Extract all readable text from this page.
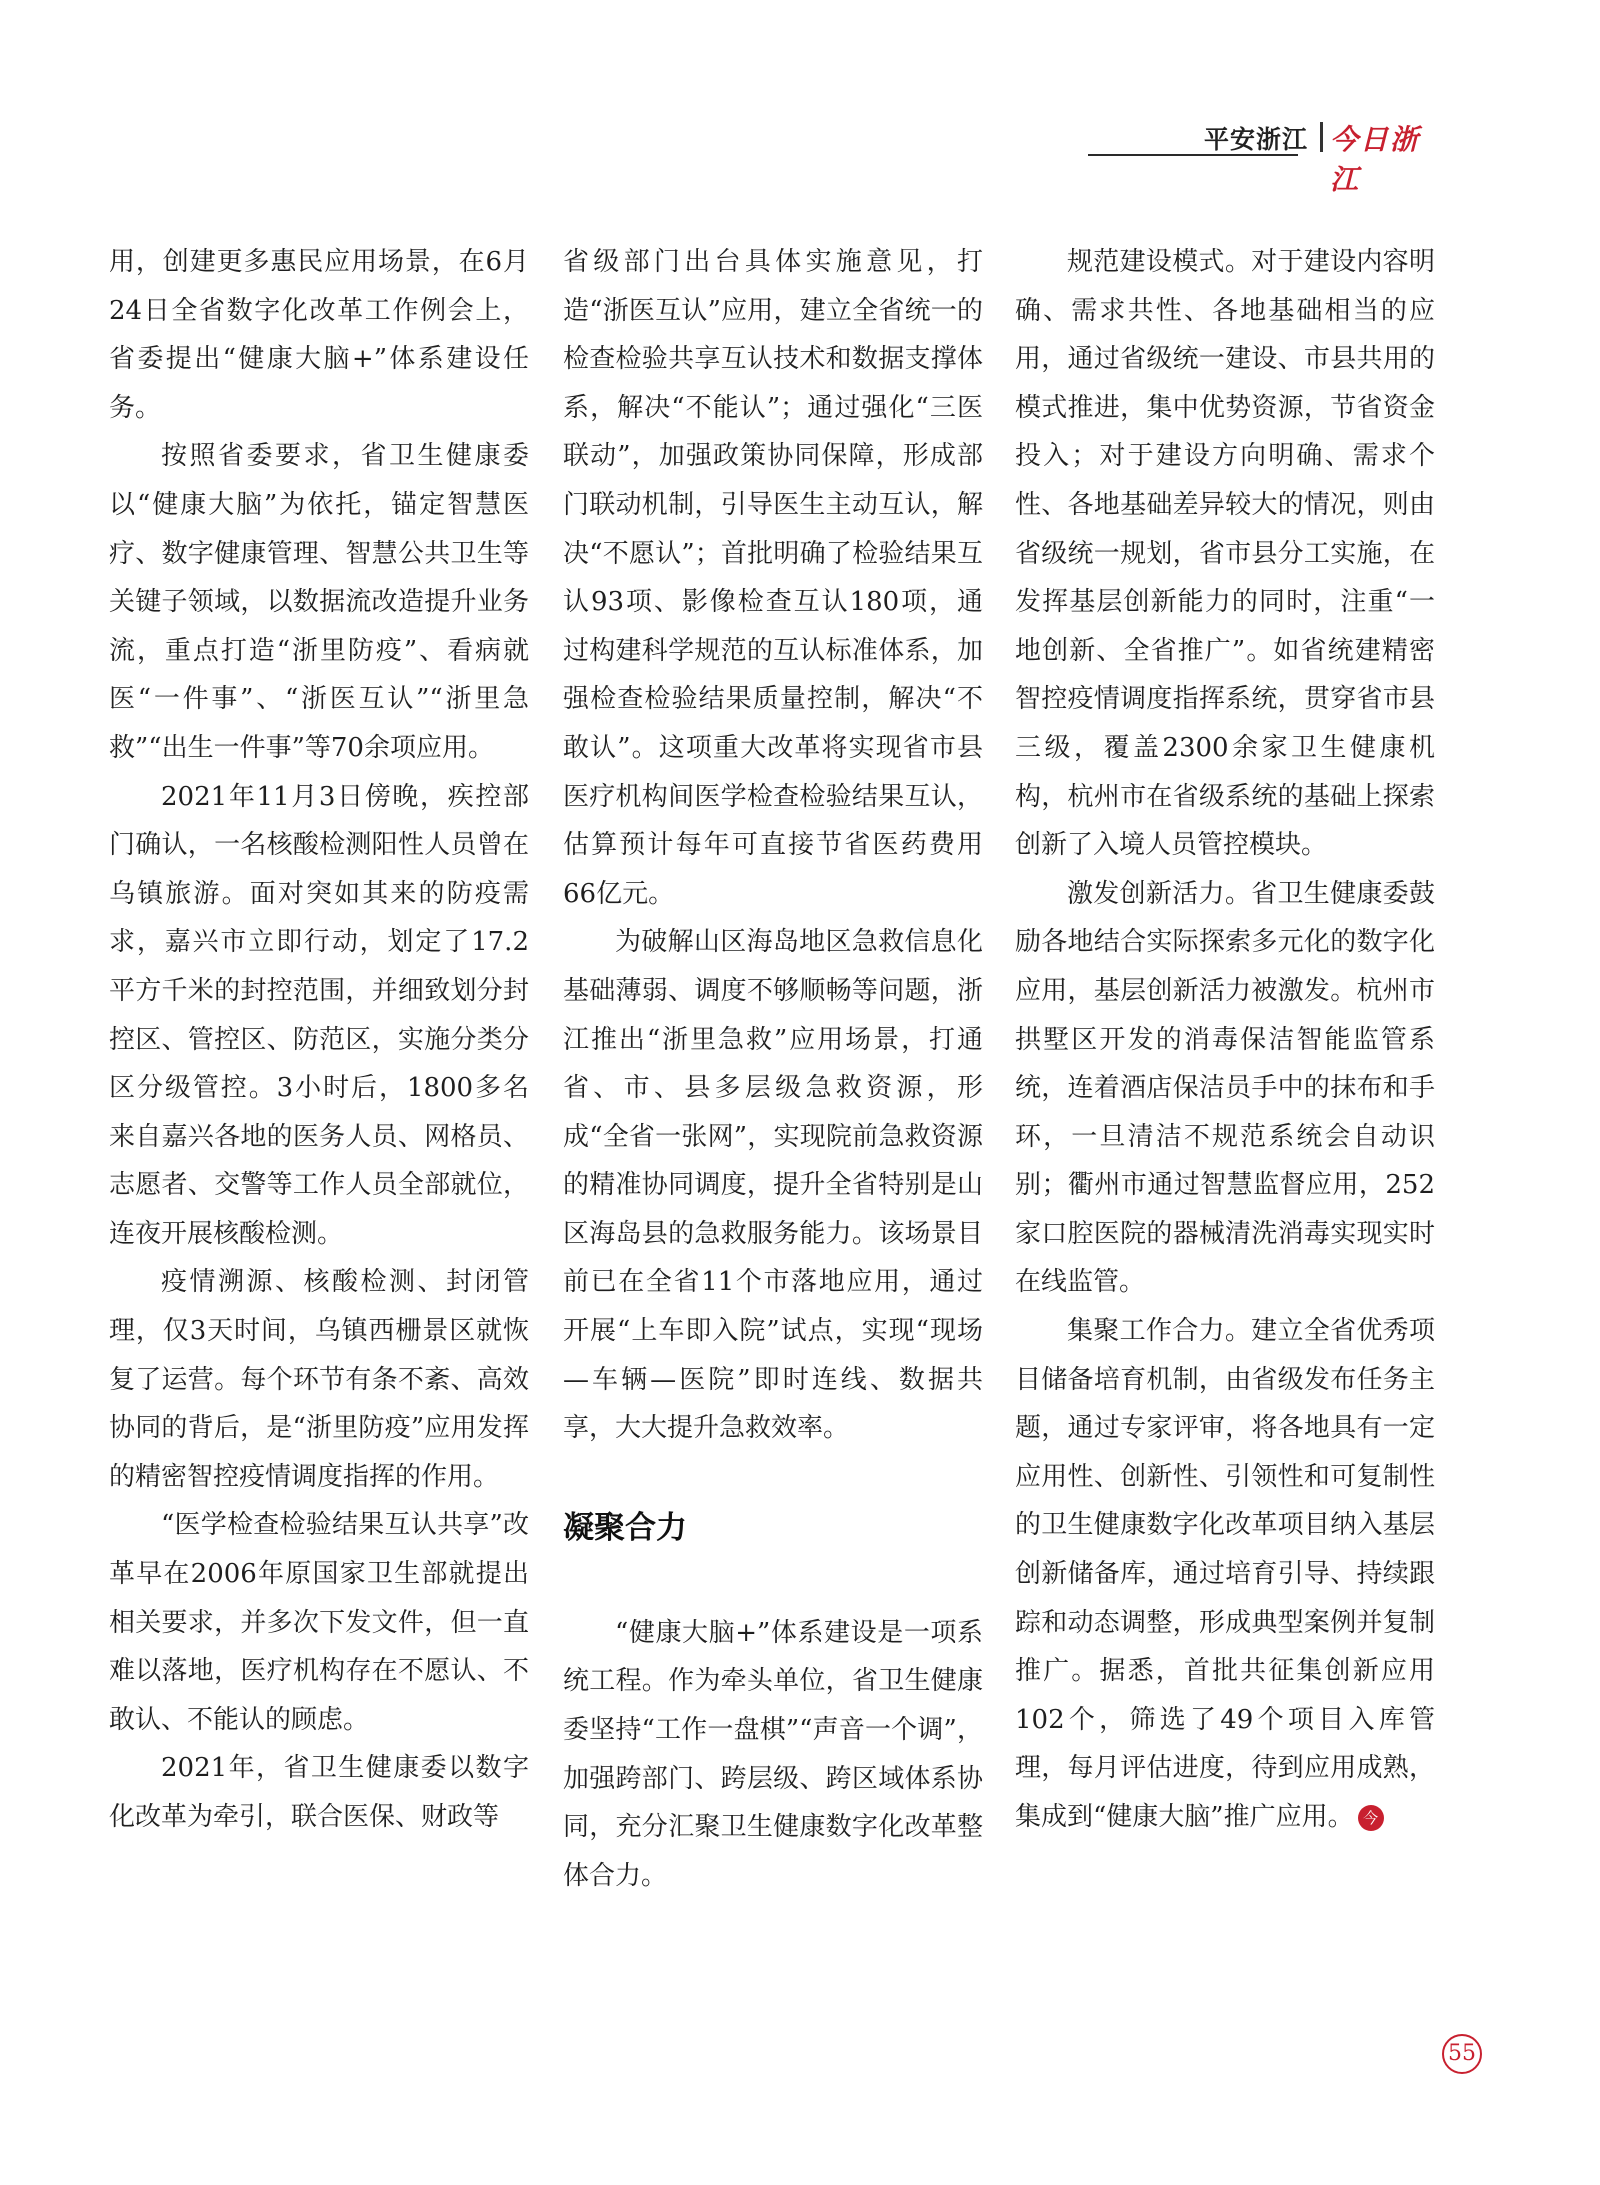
平安浙江 今日浙江

用，创建更多惠民应用场景，在6月24日全省数字化改革工作例会上，省委提出“健康大脑+”体系建设任务。

按照省委要求，省卫生健康委以“健康大脑”为依托，锚定智慧医疗、数字健康管理、智慧公共卫生等关键子领域，以数据流改造提升业务流，重点打造“浙里防疫”、看病就医“一件事”、“浙医互认”“浙里急救”“出生一件事”等70余项应用。

2021年11月3日傍晚，疾控部门确认，一名核酸检测阳性人员曾在乌镇旅游。面对突如其来的防疫需求，嘉兴市立即行动，划定了17.2平方千米的封控范围，并细致划分封控区、管控区、防范区，实施分类分区分级管控。3小时后，1800多名来自嘉兴各地的医务人员、网格员、志愿者、交警等工作人员全部就位，连夜开展核酸检测。

疫情溯源、核酸检测、封闭管理，仅3天时间，乌镇西栅景区就恢复了运营。每个环节有条不紊、高效协同的背后，是“浙里防疫”应用发挥的精密智控疫情调度指挥的作用。

“医学检查检验结果互认共享”改革早在2006年原国家卫生部就提出相关要求，并多次下发文件，但一直难以落地，医疗机构存在不愿认、不敢认、不能认的顾虑。

2021年，省卫生健康委以数字化改革为牵引，联合医保、财政等

省级部门出台具体实施意见，打造“浙医互认”应用，建立全省统一的检查检验共享互认技术和数据支撑体系，解决“不能认”；通过强化“三医联动”，加强政策协同保障，形成部门联动机制，引导医生主动互认，解决“不愿认”；首批明确了检验结果互认93项、影像检查互认180项，通过构建科学规范的互认标准体系，加强检查检验结果质量控制，解决“不敢认”。这项重大改革将实现省市县医疗机构间医学检查检验结果互认，估算预计每年可直接节省医药费用66亿元。

为破解山区海岛地区急救信息化基础薄弱、调度不够顺畅等问题，浙江推出“浙里急救”应用场景，打通省、市、县多层级急救资源，形成“全省一张网”，实现院前急救资源的精准协同调度，提升全省特别是山区海岛县的急救服务能力。该场景目前已在全省11个市落地应用，通过开展“上车即入院”试点，实现“现场—车辆—医院”即时连线、数据共享，大大提升急救效率。

凝聚合力

“健康大脑+”体系建设是一项系统工程。作为牵头单位，省卫生健康委坚持“工作一盘棋”“声音一个调”，加强跨部门、跨层级、跨区域体系协同，充分汇聚卫生健康数字化改革整体合力。

规范建设模式。对于建设内容明确、需求共性、各地基础相当的应用，通过省级统一建设、市县共用的模式推进，集中优势资源，节省资金投入；对于建设方向明确、需求个性、各地基础差异较大的情况，则由省级统一规划，省市县分工实施，在发挥基层创新能力的同时，注重“一地创新、全省推广”。如省统建精密智控疫情调度指挥系统，贯穿省市县三级，覆盖2300余家卫生健康机构，杭州市在省级系统的基础上探索创新了入境人员管控模块。

激发创新活力。省卫生健康委鼓励各地结合实际探索多元化的数字化应用，基层创新活力被激发。杭州市拱墅区开发的消毒保洁智能监管系统，连着酒店保洁员手中的抹布和手环，一旦清洁不规范系统会自动识别；衢州市通过智慧监督应用，252家口腔医院的器械清洗消毒实现实时在线监管。

集聚工作合力。建立全省优秀项目储备培育机制，由省级发布任务主题，通过专家评审，将各地具有一定应用性、创新性、引领性和可复制性的卫生健康数字化改革项目纳入基层创新储备库，通过培育引导、持续跟踪和动态调整，形成典型案例并复制推广。据悉，首批共征集创新应用102个，筛选了49个项目入库管理，每月评估进度，待到应用成熟，集成到“健康大脑”推广应用。 今

55
